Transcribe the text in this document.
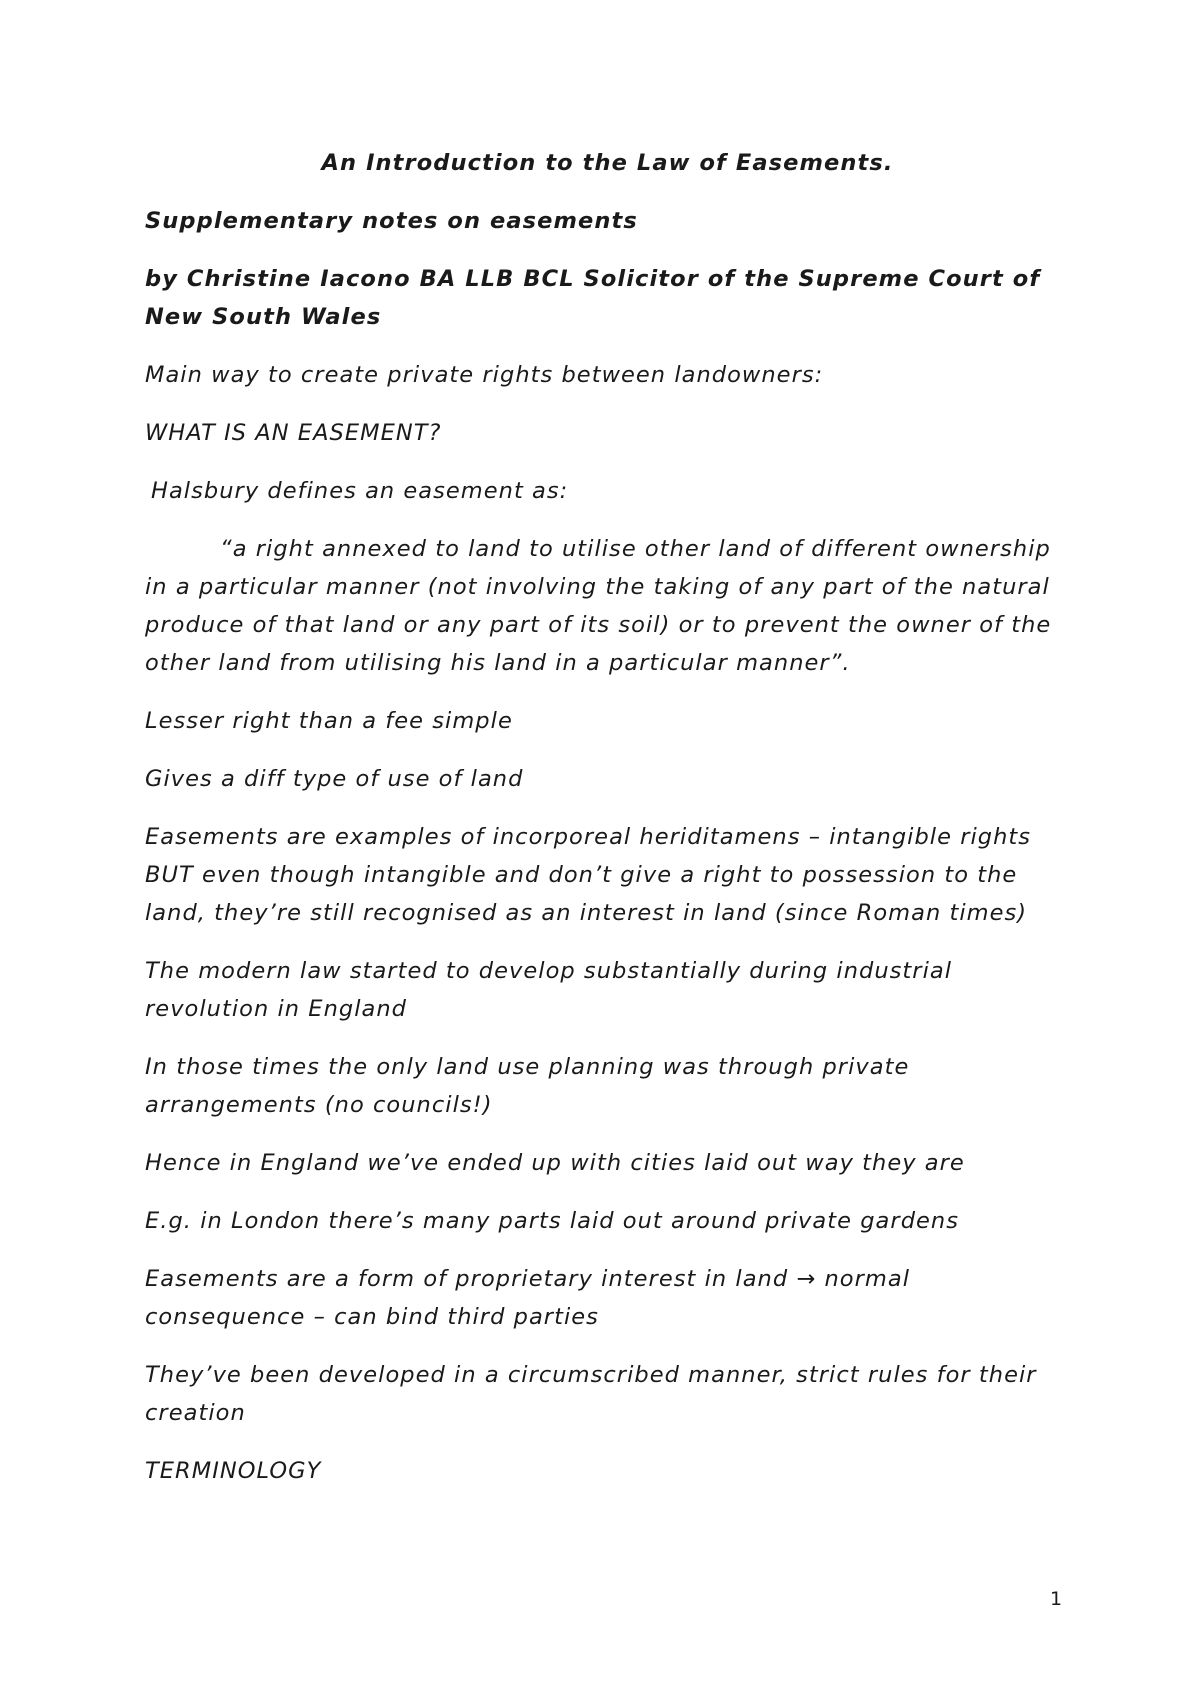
An Introduction to the Law of Easements.

Supplementary notes on easements

by Christine Iacono BA LLB BCL Solicitor of the Supreme Court of New South Wales

Main way to create private rights between landowners:

WHAT IS AN EASEMENT?

Halsbury defines an easement as:

“a right annexed to land to utilise other land of different ownership in a particular manner (not involving the taking of any part of the natural produce of that land or any part of its soil) or to prevent the owner of the other land from utilising his land in a particular manner”.

Lesser right than a fee simple

Gives a diff type of use of land

Easements are examples of incorporeal heriditamens – intangible rights BUT even though intangible and don’t give a right to possession to the land, they’re still recognised as an interest in land (since Roman times)

The modern law started to develop substantially during industrial revolution in England

In those times the only land use planning was through private arrangements (no councils!)

Hence in England we’ve ended up with cities laid out way they are

E.g. in London there’s many parts laid out around private gardens

Easements are a form of proprietary interest in land → normal consequence – can bind third parties

They’ve been developed in a circumscribed manner, strict rules for their creation

TERMINOLOGY

1
